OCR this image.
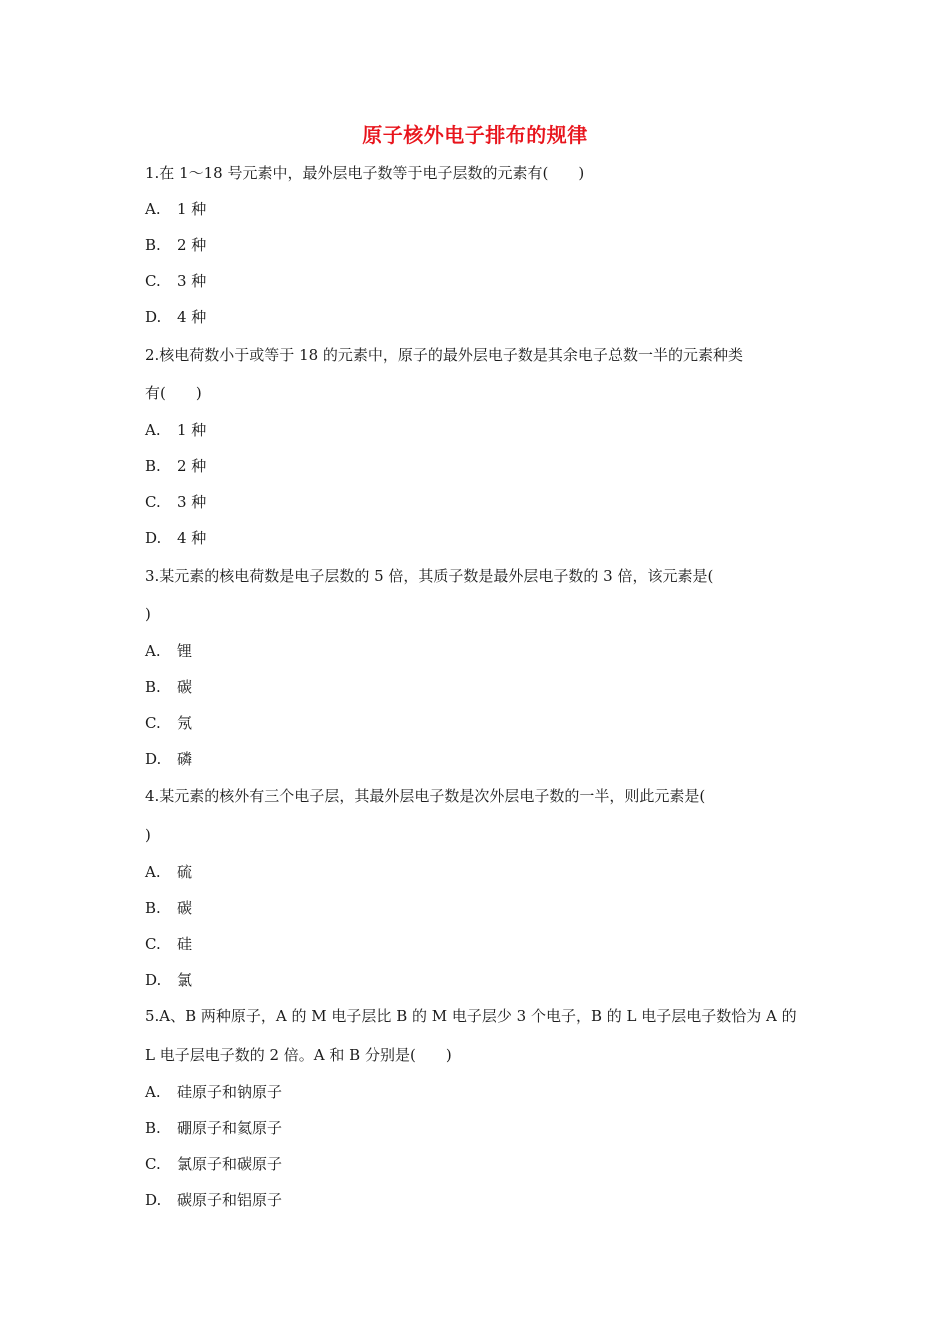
原子核外电子排布的规律
1.在 1～18 号元素中，最外层电子数等于电子层数的元素有(　　)
A. 1 种
B. 2 种
C. 3 种
D. 4 种
2.核电荷数小于或等于 18 的元素中，原子的最外层电子数是其余电子总数一半的元素种类
有(　　)
A. 1 种
B. 2 种
C. 3 种
D. 4 种
3.某元素的核电荷数是电子层数的 5 倍，其质子数是最外层电子数的 3 倍，该元素是(
)
A. 锂
B. 碳
C. 氖
D. 磷
4.某元素的核外有三个电子层，其最外层电子数是次外层电子数的一半，则此元素是(
)
A. 硫
B. 碳
C. 硅
D. 氯
5.A、B 两种原子，A 的 M 电子层比 B 的 M 电子层少 3 个电子，B 的 L 电子层电子数恰为 A 的
L 电子层电子数的 2 倍。A 和 B 分别是(　　)
A. 硅原子和钠原子
B. 硼原子和氦原子
C. 氯原子和碳原子
D. 碳原子和铝原子
